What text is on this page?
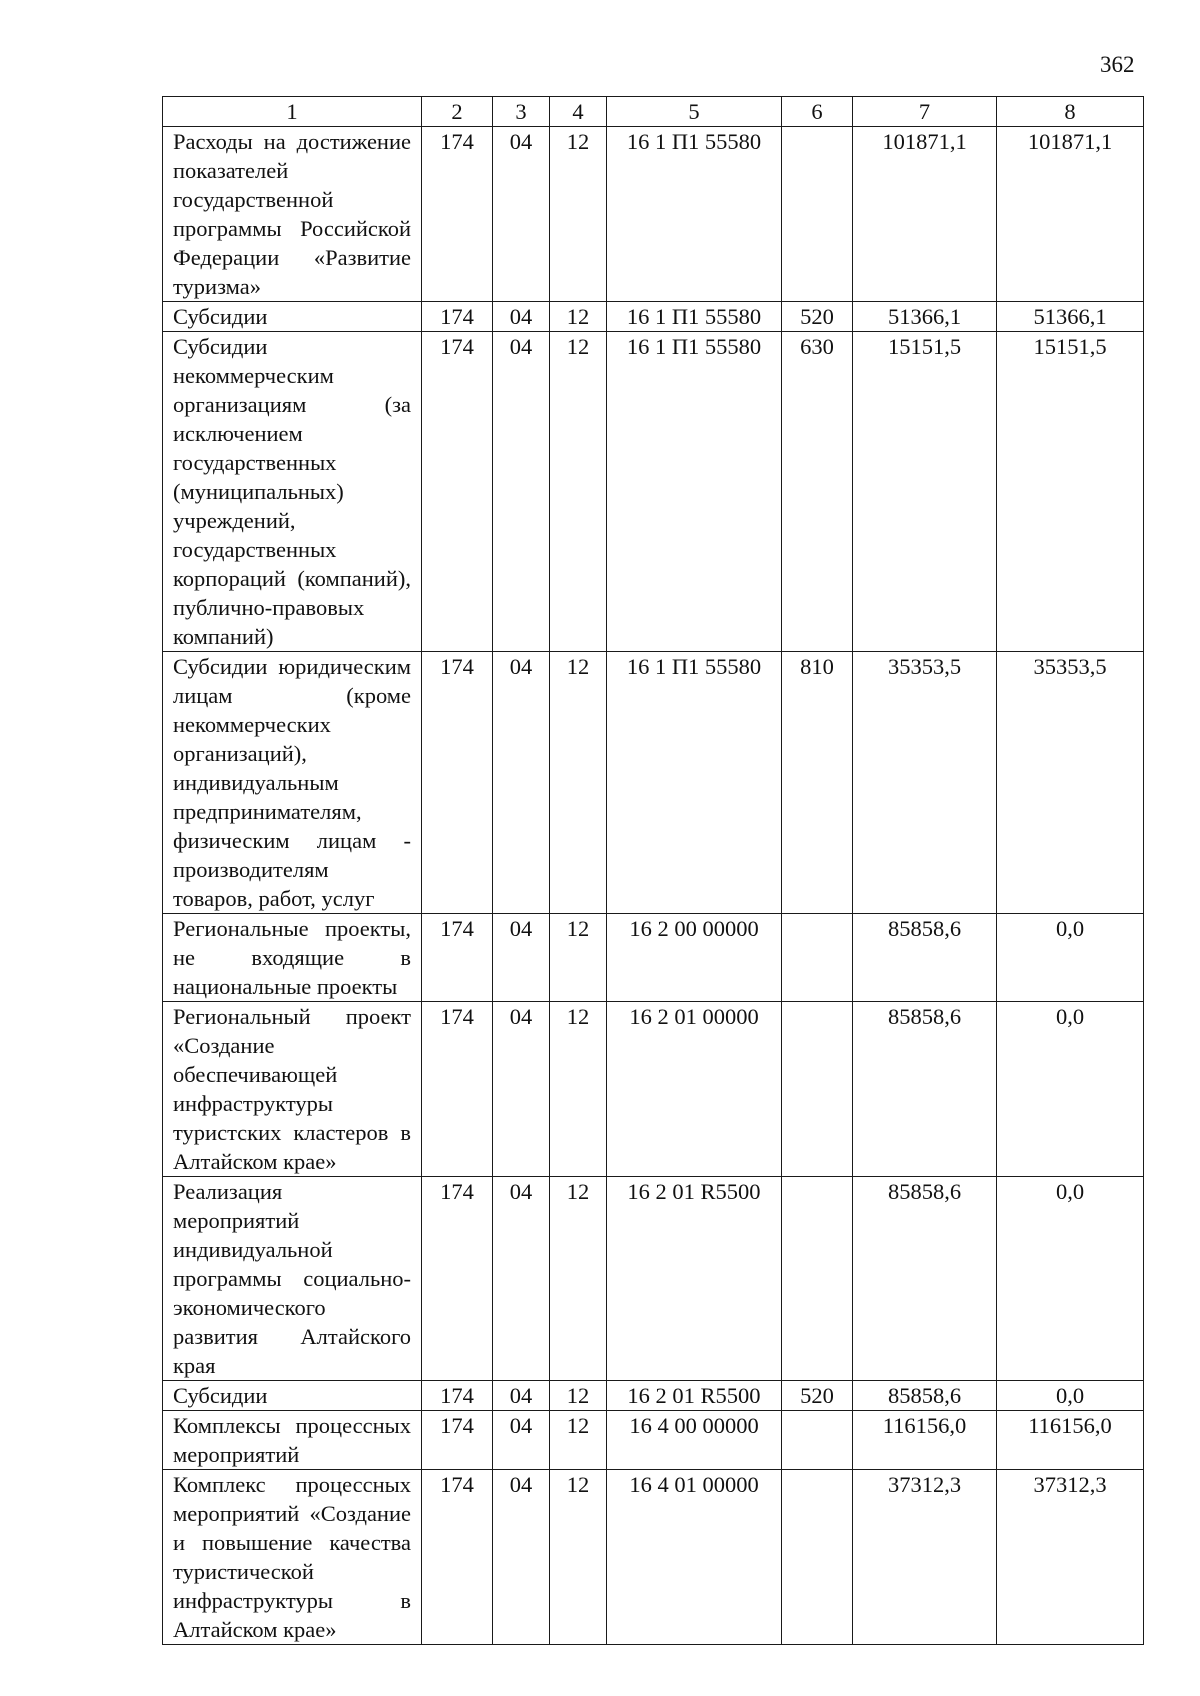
362
1	2	3	4	5	6	7	8
Расходы на достижение показателей государственной программы Российской Федерации «Развитие туризма»	174	04	12	16 1 П1 55580		101871,1	101871,1
Субсидии	174	04	12	16 1 П1 55580	520	51366,1	51366,1
Субсидии некоммерческим организациям (за исключением государственных (муниципальных) учреждений, государственных корпораций (компаний), публично-правовых компаний)	174	04	12	16 1 П1 55580	630	15151,5	15151,5
Субсидии юридическим лицам (кроме некоммерческих организаций), индивидуальным предпринимателям, физическим лицам - производителям товаров, работ, услуг	174	04	12	16 1 П1 55580	810	35353,5	35353,5
Региональные проекты, не входящие в национальные проекты	174	04	12	16 2 00 00000		85858,6	0,0
Региональный проект «Создание обеспечивающей инфраструктуры туристских кластеров в Алтайском крае»	174	04	12	16 2 01 00000		85858,6	0,0
Реализация мероприятий индивидуальной программы социально-экономического развития Алтайского края	174	04	12	16 2 01 R5500		85858,6	0,0
Субсидии	174	04	12	16 2 01 R5500	520	85858,6	0,0
Комплексы процессных мероприятий	174	04	12	16 4 00 00000		116156,0	116156,0
Комплекс процессных мероприятий «Создание и повышение качества туристической инфраструктуры в Алтайском крае»	174	04	12	16 4 01 00000		37312,3	37312,3
